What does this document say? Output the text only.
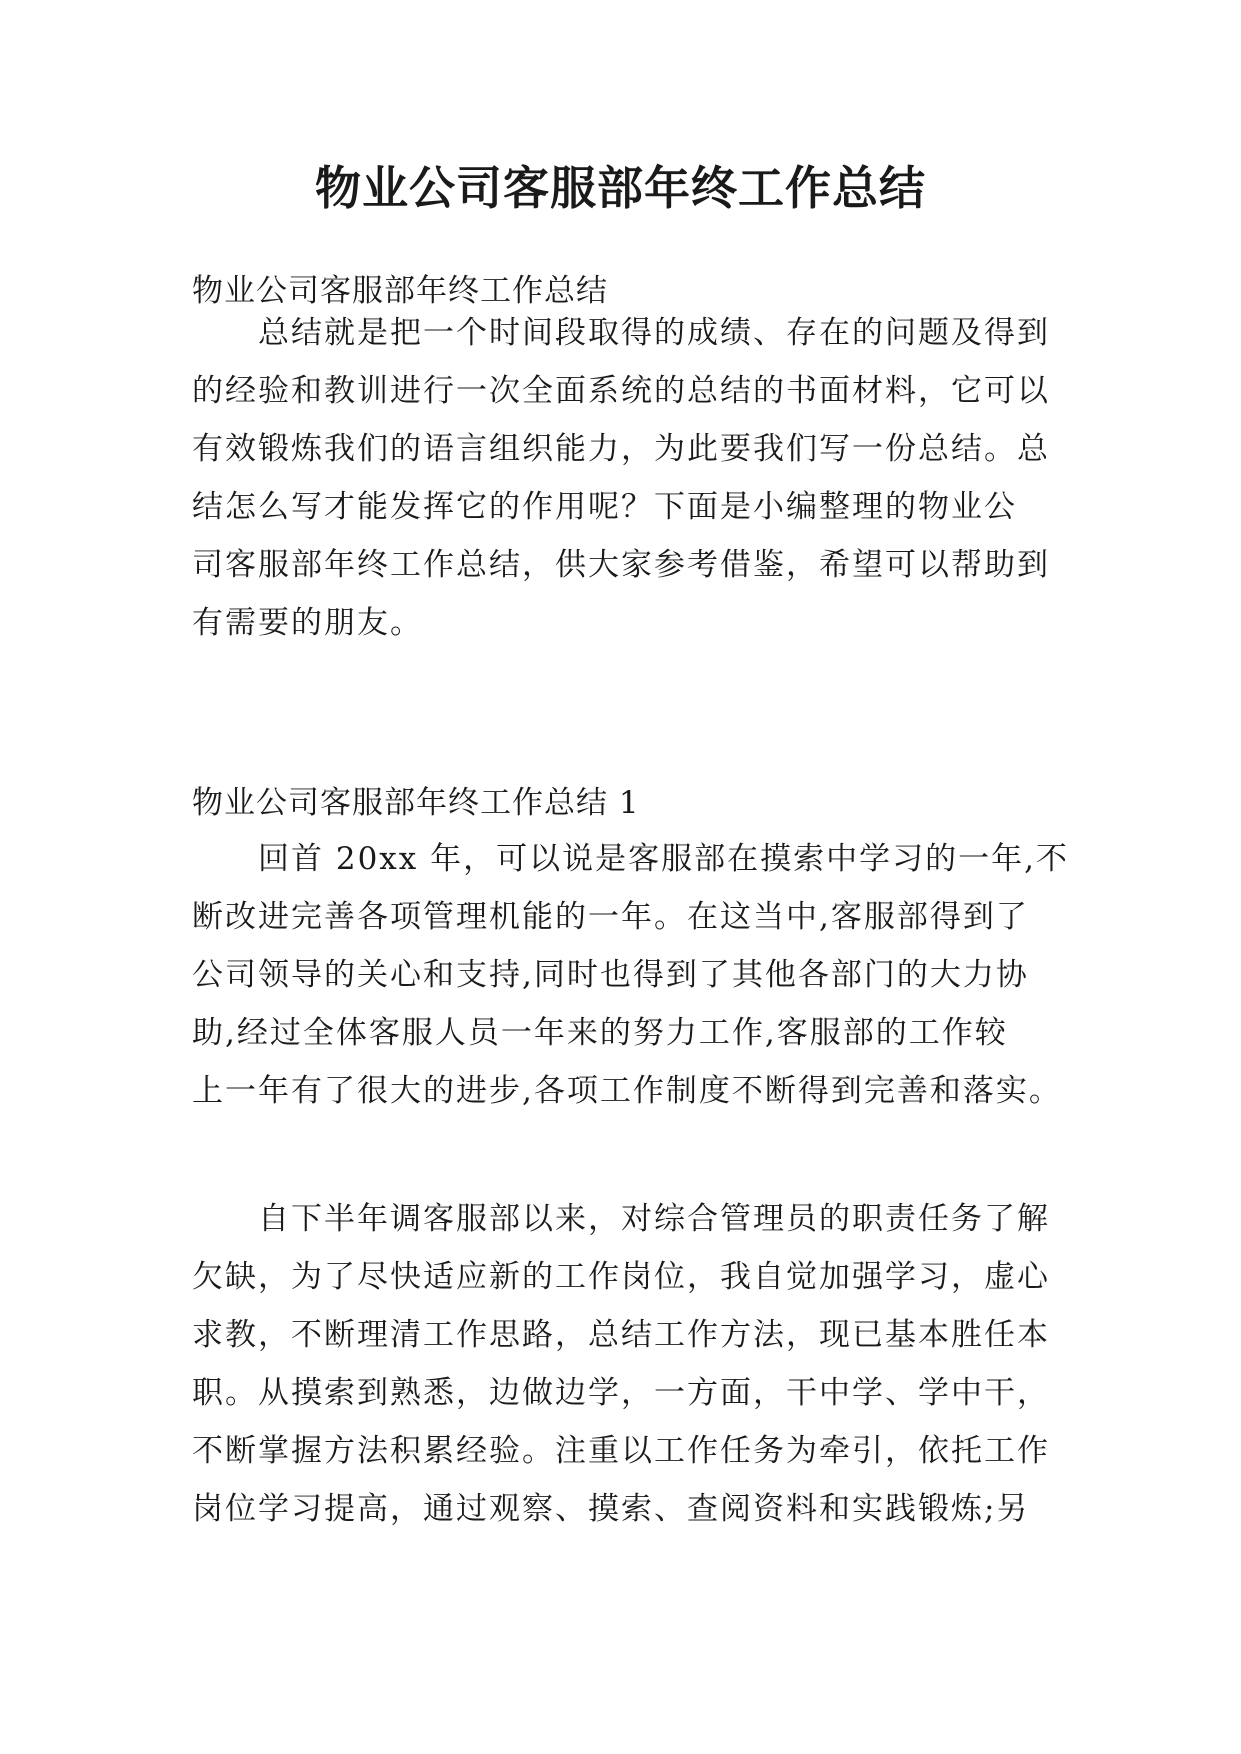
物业公司客服部年终工作总结
物业公司客服部年终工作总结
　　总结就是把一个时间段取得的成绩、存在的问题及得到
的经验和教训进行一次全面系统的总结的书面材料，它可以
有效锻炼我们的语言组织能力，为此要我们写一份总结。总
结怎么写才能发挥它的作用呢？下面是小编整理的物业公
司客服部年终工作总结，供大家参考借鉴，希望可以帮助到
有需要的朋友。
物业公司客服部年终工作总结 1
　　回首 20xx 年，可以说是客服部在摸索中学习的一年,不
断改进完善各项管理机能的一年。在这当中,客服部得到了
公司领导的关心和支持,同时也得到了其他各部门的大力协
助,经过全体客服人员一年来的努力工作,客服部的工作较
上一年有了很大的进步,各项工作制度不断得到完善和落实。
　　自下半年调客服部以来，对综合管理员的职责任务了解
欠缺，为了尽快适应新的工作岗位，我自觉加强学习，虚心
求教，不断理清工作思路，总结工作方法，现已基本胜任本
职。从摸索到熟悉，边做边学，一方面，干中学、学中干，
不断掌握方法积累经验。注重以工作任务为牵引，依托工作
岗位学习提高，通过观察、摸索、查阅资料和实践锻炼;另
